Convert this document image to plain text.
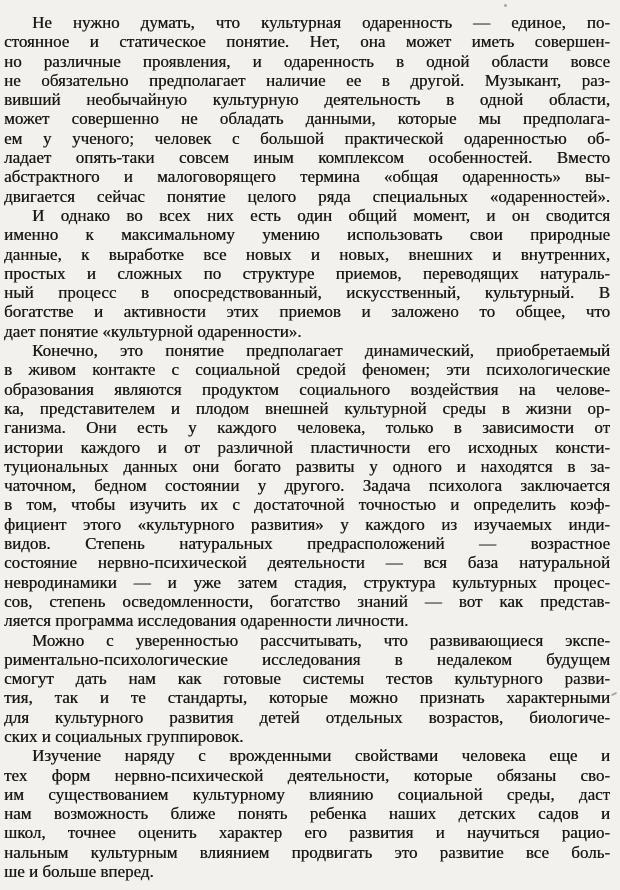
Не нужно думать, что культурная одаренность — единое, по-
стоянное и статическое понятие. Нет, она может иметь совершен-
но различные проявления, и одаренность в одной области вовсе
не обязательно предполагает наличие ее в другой. Музыкант, раз-
вивший необычайную культурную деятельность в одной области,
может совершенно не обладать данными, которые мы предполага-
ем у ученого; человек с большой практической одаренностью об-
ладает опять-таки совсем иным комплексом особенностей. Вместо
абстрактного и малоговорящего термина «общая одаренность» вы-
двигается сейчас понятие целого ряда специальных «одаренностей».
И однако во всех них есть один общий момент, и он сводится
именно к максимальному умению использовать свои природные
данные, к выработке все новых и новых, внешних и внутренних,
простых и сложных по структуре приемов, переводящих натураль-
ный процесс в опосредствованный, искусственный, культурный. В
богатстве и активности этих приемов и заложено то общее, что
дает понятие «культурной одаренности».
Конечно, это понятие предполагает динамический, приобретаемый
в живом контакте с социальной средой феномен; эти психологические
образования являются продуктом социального воздействия на челове-
ка, представителем и плодом внешней культурной среды в жизни ор-
ганизма. Они есть у каждого человека, только в зависимости от
истории каждого и от различной пластичности его исходных консти-
туциональных данных они богато развиты у одного и находятся в за-
чаточном, бедном состоянии у другого. Задача психолога заключается
в том, чтобы изучить их с достаточной точностью и определить коэф-
фициент этого «культурного развития» у каждого из изучаемых инди-
видов. Степень натуральных предрасположений — возрастное
состояние нервно-психической деятельности — вся база натуральной
невродинамики — и уже затем стадия, структура культурных процес-
сов, степень осведомленности, богатство знаний — вот как представ-
ляется программа исследования одаренности личности.
Можно с уверенностью рассчитывать, что развивающиеся экспе-
риментально-психологические исследования в недалеком будущем
смогут дать нам как готовые системы тестов культурного разви-
тия, так и те стандарты, которые можно признать характерными
для культурного развития детей отдельных возрастов, биологиче-
ских и социальных группировок.
Изучение наряду с врожденными свойствами человека еще и
тех форм нервно-психической деятельности, которые обязаны сво-
им существованием культурному влиянию социальной среды, даст
нам возможность ближе понять ребенка наших детских садов и
школ, точнее оценить характер его развития и научиться рацио-
нальным культурным влиянием продвигать это развитие все боль-
ше и больше вперед.
